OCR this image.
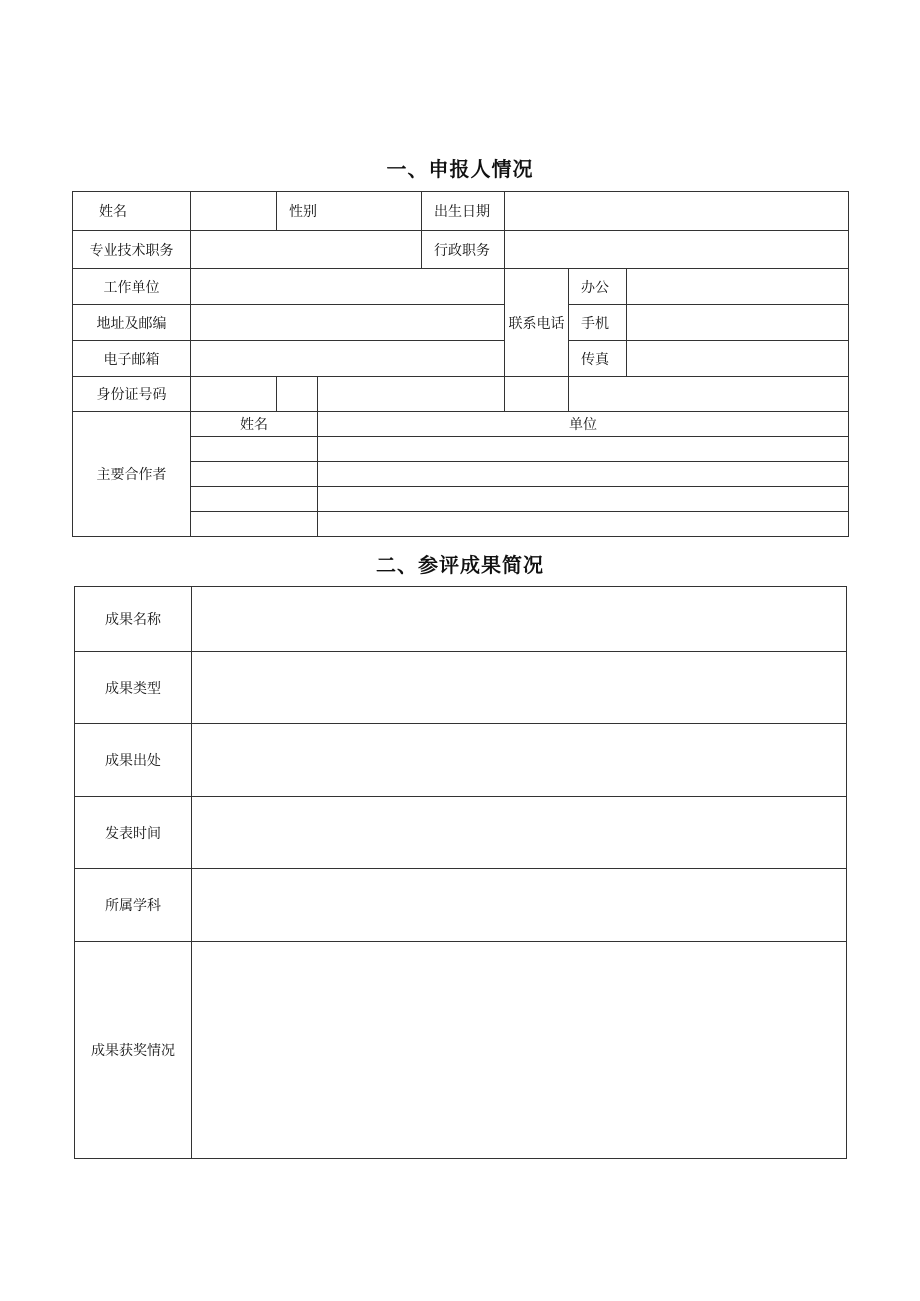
一、申报人情况
姓名		性别		出生日期			
专业技术职务				行政职务			
工作单位					联系电话	办公	
地址及邮编						手机	
电子邮箱						传真	
身份证号码							
主要合作者	姓名		单位				

二、参评成果简况
成果名称	
成果类型	
成果出处	
发表时间	
所属学科	
成果获奖情况	
